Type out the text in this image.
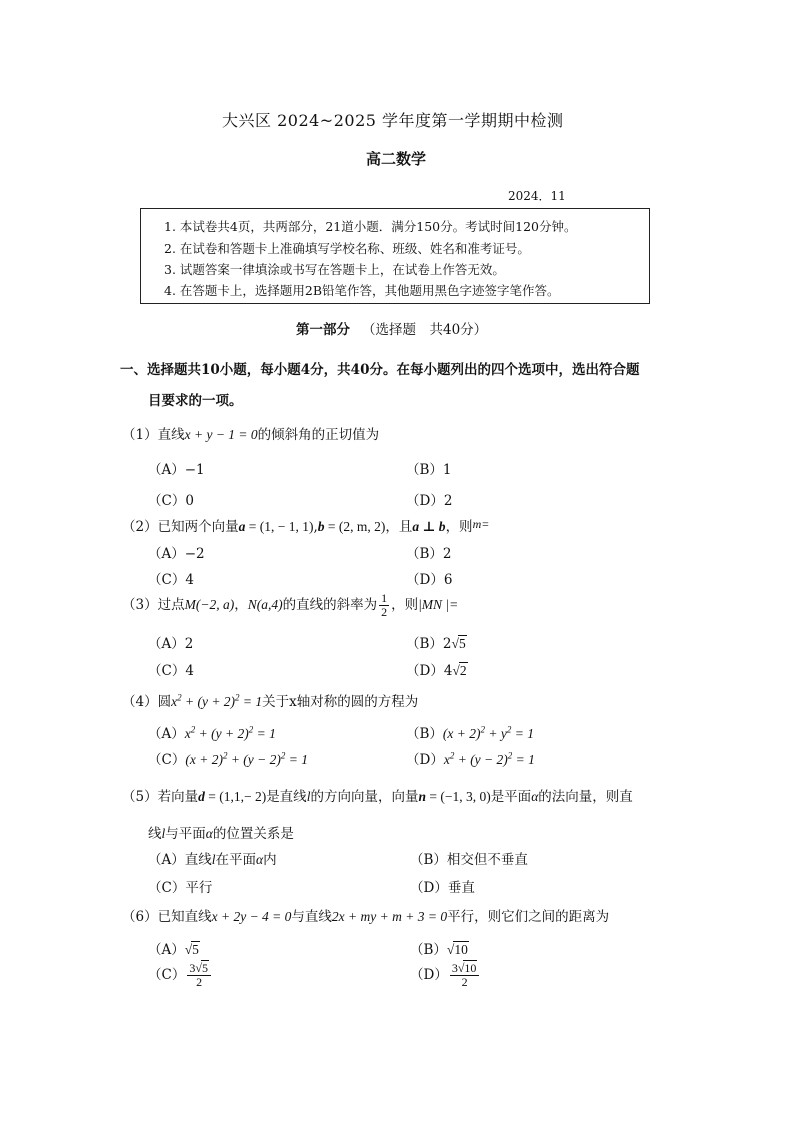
大兴区 2024~2025 学年度第一学期期中检测
高二数学
2024．11
1. 本试卷共4页，共两部分，21道小题．满分150分。考试时间120分钟。
2. 在试卷和答题卡上准确填写学校名称、班级、姓名和准考证号。
3. 试题答案一律填涂或书写在答题卡上，在试卷上作答无效。
4. 在答题卡上，选择题用2B铅笔作答，其他题用黑色字迹签字笔作答。
第一部分 （选择题　共40分）
一、选择题共10小题，每小题4分，共40分。在每小题列出的四个选项中，选出符合题
目要求的一项。
（1）直线x + y − 1 = 0的倾斜角的正切值为
（A）−1	（B）1
（C）0	（D）2
（2）已知两个向量a = (1, − 1, 1),b = (2, m, 2)，且a ⊥ b，则m=
（A）−2	（B）2
（C）4	（D）6
（3）过点M(−2, a)，N(a,4)的直线的斜率为 $\frac{1}{2}$ ，则|MN |=
（A）2	（B）2√5
（C）4	（D）4√2
（4）圆$x^2 + (y + 2)^2 = 1$关于x轴对称的圆的方程为
$(A)x^2 + (y + 2)^2 = 1$	$(B)(x + 2)^2 + y^2 = 1$
$(C)(x + 2)^2 + (y - 2)^2 = 1$	$(D)x^2 + (y - 2)^2 = 1$
（5）若向量d = (1,1,− 2)是直线l的方向向量，向量n = (−1, 3, 0)是平面α的法向量，则直
线l与平面α的位置关系是
（A）直线l在平面α内	（B）相交但不垂直
（C）平行	（D）垂直
（6）已知直线x + 2y − 4 = 0与直线2x + my + m + 3 = 0平行，则它们之间的距离为
（A）√5	（B）√10
$(C) \frac{3√5}{2}$	$(D) \frac{3√10}{2}$
